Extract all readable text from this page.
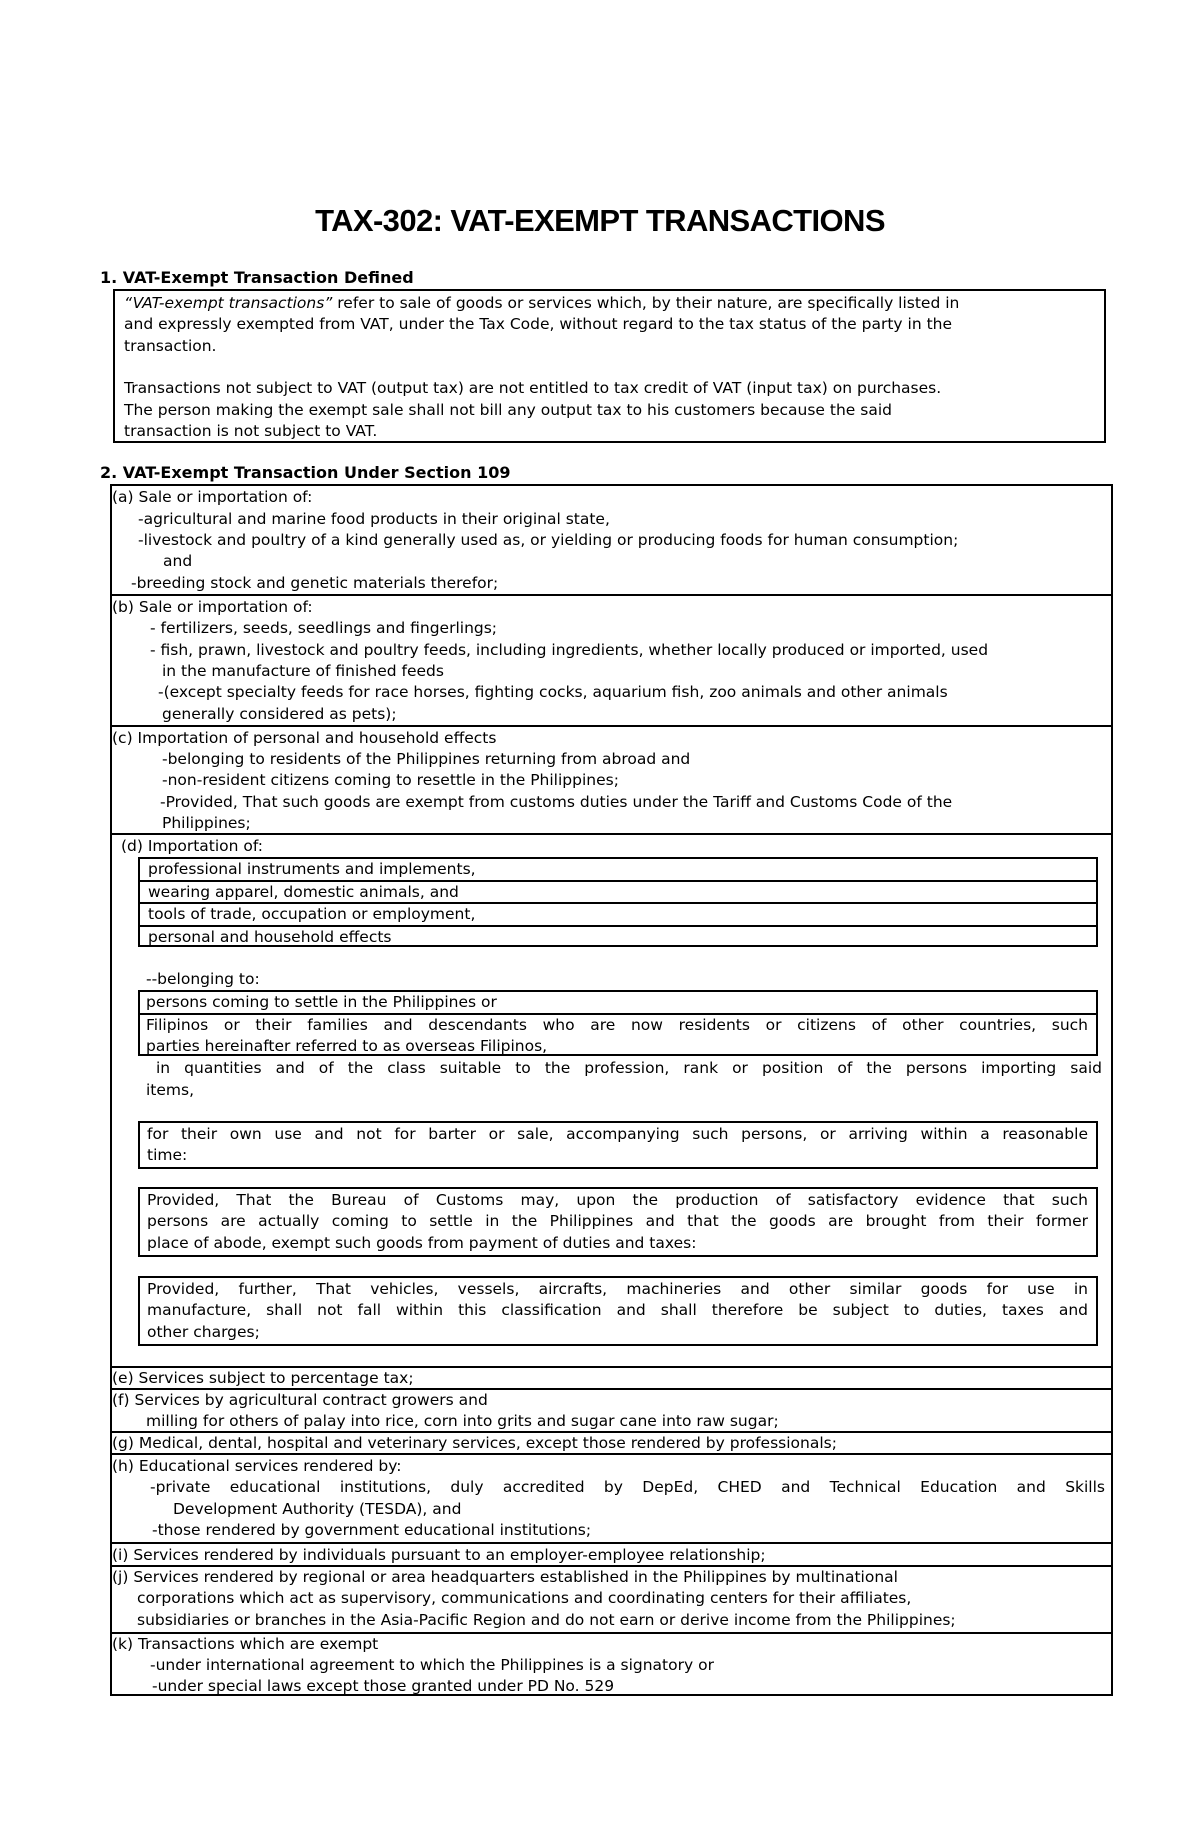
TAX-302: VAT-EXEMPT TRANSACTIONS
1. VAT-Exempt Transaction Defined
“VAT-exempt transactions” refer to sale of goods or services which, by their nature, are specifically listed in
and expressly exempted from VAT, under the Tax Code, without regard to the tax status of the party in the
transaction.
Transactions not subject to VAT (output tax) are not entitled to tax credit of VAT (input tax) on purchases.
The person making the exempt sale shall not bill any output tax to his customers because the said
transaction is not subject to VAT.
2. VAT-Exempt Transaction Under Section 109
(a) Sale or importation of:
-agricultural and marine food products in their original state,
-livestock and poultry of a kind generally used as, or yielding or producing foods for human consumption;
and
-breeding stock and genetic materials therefor;
(b) Sale or importation of:
- fertilizers, seeds, seedlings and fingerlings;
- fish, prawn, livestock and poultry feeds, including ingredients, whether locally produced or imported, used
in the manufacture of finished feeds
-(except specialty feeds for race horses, fighting cocks, aquarium fish, zoo animals and other animals
generally considered as pets);
(c) Importation of personal and household effects
-belonging to residents of the Philippines returning from abroad and
-non-resident citizens coming to resettle in the Philippines;
-Provided, That such goods are exempt from customs duties under the Tariff and Customs Code of the
Philippines;
(d) Importation of:
professional instruments and implements,
wearing apparel, domestic animals, and
tools of trade, occupation or employment,
personal and household effects
--belonging to:
persons coming to settle in the Philippines or
Filipinos or their families and descendants who are now residents or citizens of other countries, such
parties hereinafter referred to as overseas Filipinos,
in quantities and of the class suitable to the profession, rank or position of the persons importing said
items,
for their own use and not for barter or sale, accompanying such persons, or arriving within a reasonable
time:
Provided, That the Bureau of Customs may, upon the production of satisfactory evidence that such
persons are actually coming to settle in the Philippines and that the goods are brought from their former
place of abode, exempt such goods from payment of duties and taxes:
Provided, further, That vehicles, vessels, aircrafts, machineries and other similar goods for use in
manufacture, shall not fall within this classification and shall therefore be subject to duties, taxes and
other charges;
(e) Services subject to percentage tax;
(f) Services by agricultural contract growers and
milling for others of palay into rice, corn into grits and sugar cane into raw sugar;
(g) Medical, dental, hospital and veterinary services, except those rendered by professionals;
(h) Educational services rendered by:
-private educational institutions, duly accredited by DepEd, CHED and Technical Education and Skills
Development Authority (TESDA), and
-those rendered by government educational institutions;
(i) Services rendered by individuals pursuant to an employer-employee relationship;
(j) Services rendered by regional or area headquarters established in the Philippines by multinational
corporations which act as supervisory, communications and coordinating centers for their affiliates,
subsidiaries or branches in the Asia-Pacific Region and do not earn or derive income from the Philippines;
(k) Transactions which are exempt
-under international agreement to which the Philippines is a signatory or
-under special laws except those granted under PD No. 529
